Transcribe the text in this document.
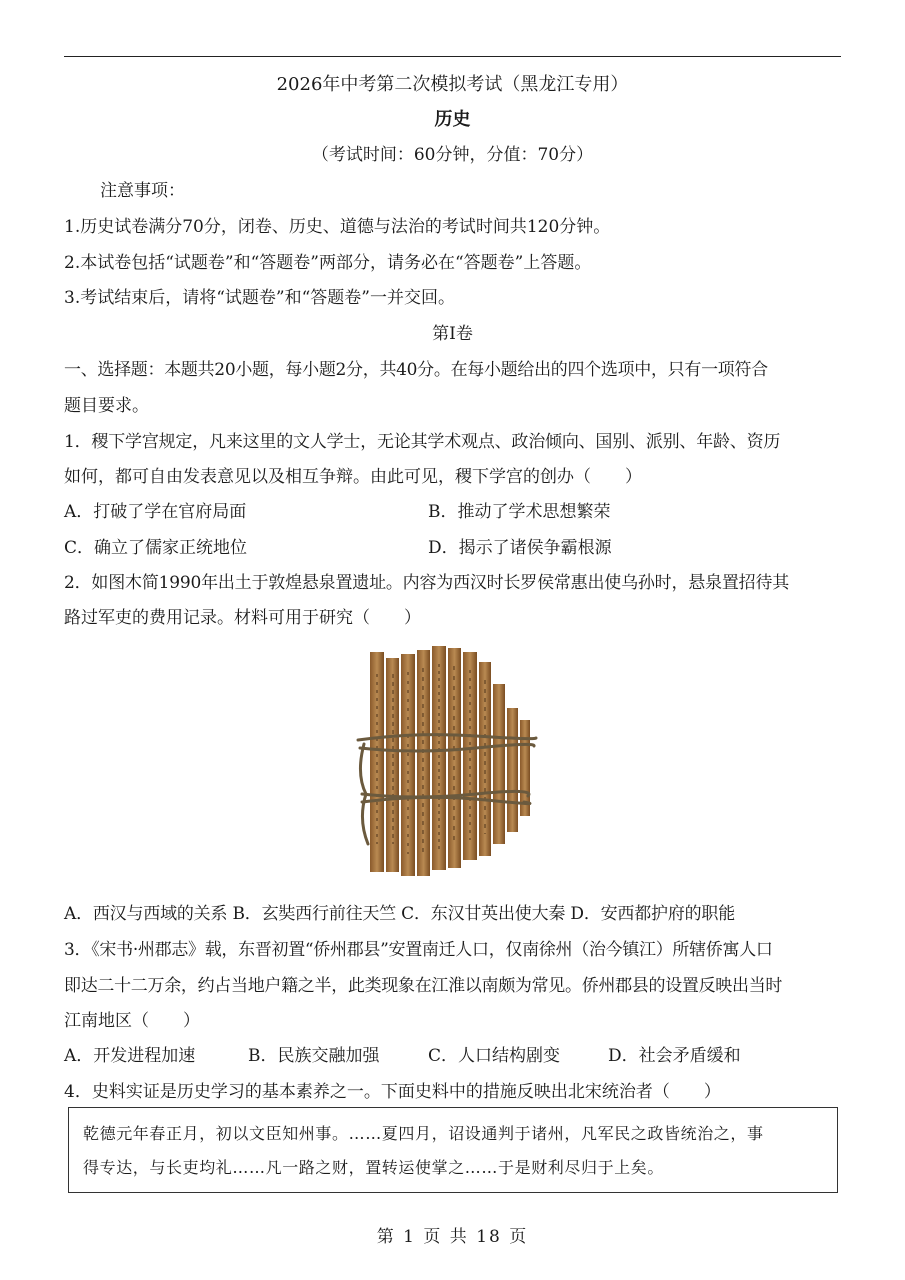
2026年中考第二次模拟考试（黑龙江专用）
历史
（考试时间：60分钟，分值：70分）
注意事项：
1.历史试卷满分70分，闭卷、历史、道德与法治的考试时间共120分钟。
2.本试卷包括“试题卷”和“答题卷”两部分，请务必在“答题卷”上答题。
3.考试结束后，请将“试题卷”和“答题卷”一并交回。
第Ⅰ卷
一、选择题：本题共20小题，每小题2分，共40分。在每小题给出的四个选项中，只有一项符合
题目要求。
1．稷下学宫规定，凡来这里的文人学士，无论其学术观点、政治倾向、国别、派别、年龄、资历
如何，都可自由发表意见以及相互争辩。由此可见，稷下学宫的创办（　　）
A．打破了学在官府局面	B．推动了学术思想繁荣
C．确立了儒家正统地位	D．揭示了诸侯争霸根源
2．如图木简1990年出土于敦煌悬泉置遗址。内容为西汉时长罗侯常惠出使乌孙时，悬泉置招待其
路过军吏的费用记录。材料可用于研究（　　）
A．西汉与西域的关系 B．玄奘西行前往天竺 C．东汉甘英出使大秦 D．安西都护府的职能
3．《宋书·州郡志》载，东晋初置“侨州郡县”安置南迁人口，仅南徐州（治今镇江）所辖侨寓人口
即达二十二万余，约占当地户籍之半，此类现象在江淮以南颇为常见。侨州郡县的设置反映出当时
江南地区（　　）
A．开发进程加速	B．民族交融加强	C．人口结构剧变	D．社会矛盾缓和
4．史料实证是历史学习的基本素养之一。下面史料中的措施反映出北宋统治者（　　）
乾德元年春正月，初以文臣知州事。……夏四月，诏设通判于诸州，凡军民之政皆统治之，事
得专达，与长吏均礼……凡一路之财，置转运使掌之……于是财利尽归于上矣。
第 1 页 共 18 页
